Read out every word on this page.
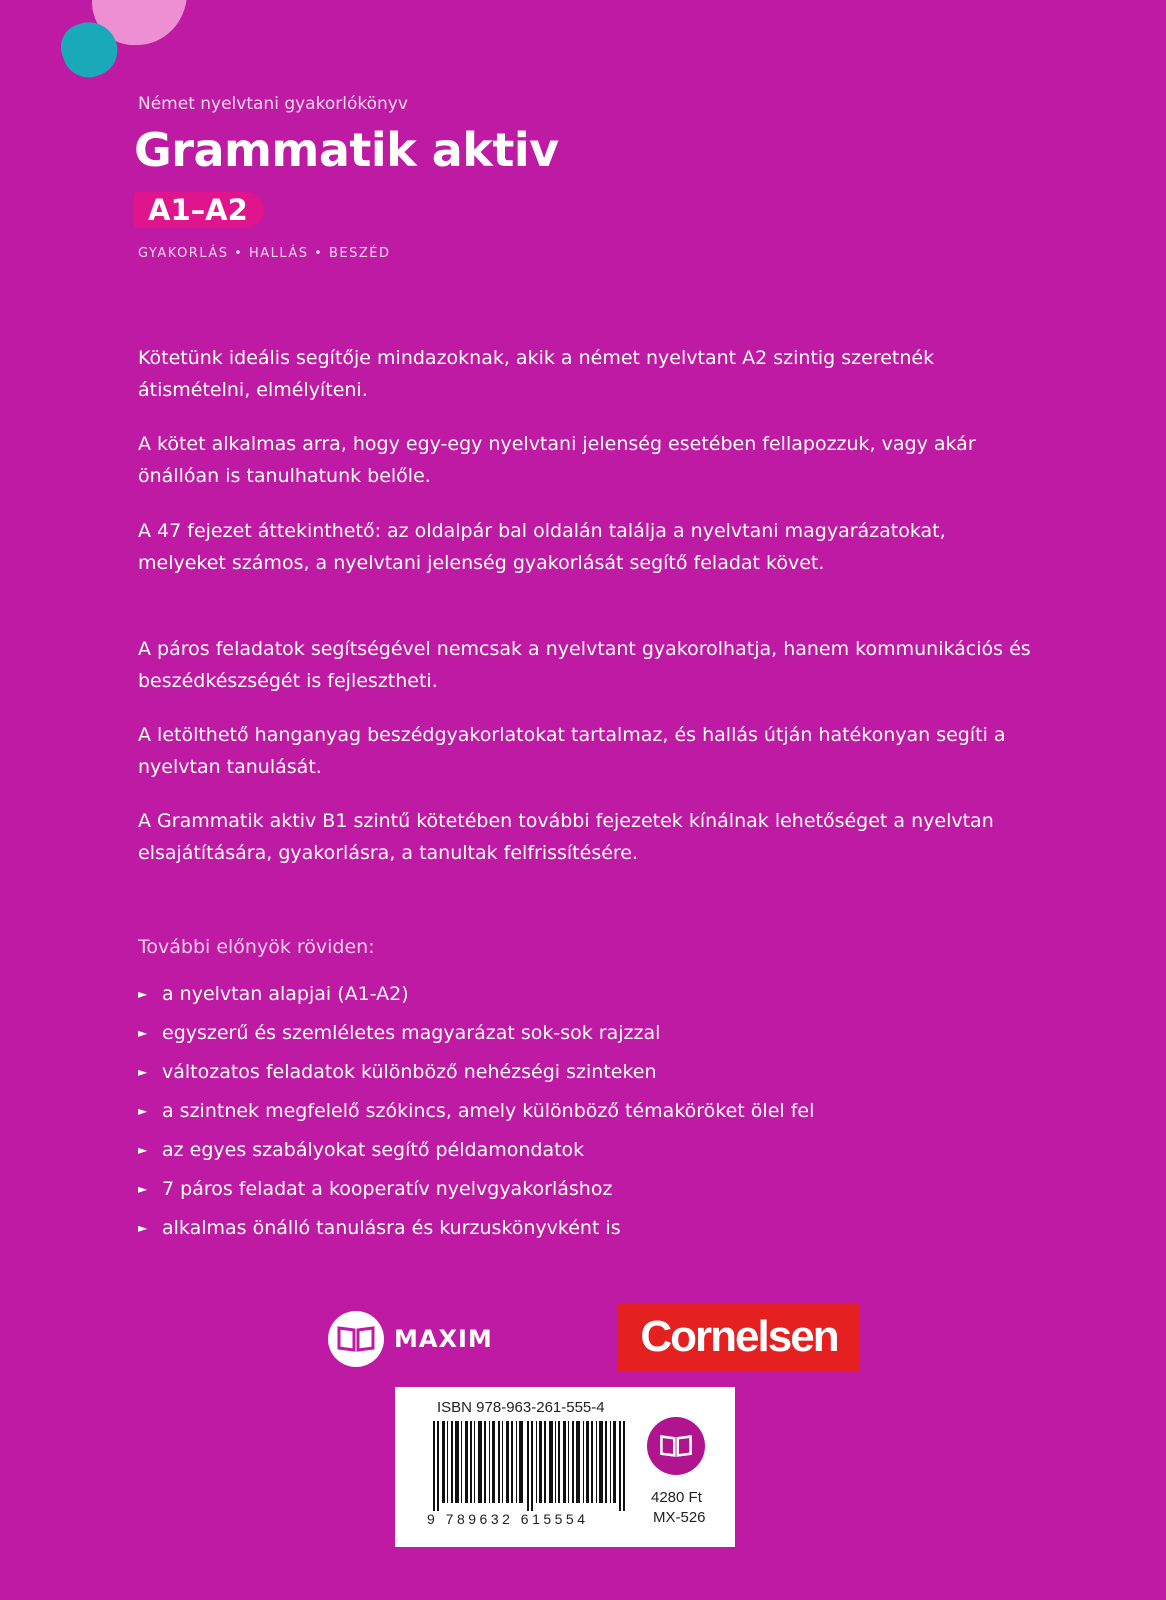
Német nyelvtani gyakorlókönyv
Grammatik aktiv
A1–A2
GYAKORLÁS • HALLÁS • BESZÉD

Kötetünk ideális segítője mindazoknak, akik a német nyelvtant A2 szintig szeretnék átismételni, elmélyíteni.

A kötet alkalmas arra, hogy egy-egy nyelvtani jelenség esetében fellapozzuk, vagy akár önállóan is tanulhatunk belőle.

A 47 fejezet áttekinthető: az oldalpár bal oldalán találja a nyelvtani magyarázatokat, melyeket számos, a nyelvtani jelenség gyakorlását segítő feladat követ.

A páros feladatok segítségével nemcsak a nyelvtant gyakorolhatja, hanem kommunikációs és beszédkészségét is fejlesztheti.

A letölthető hanganyag beszédgyakorlatokat tartalmaz, és hallás útján hatékonyan segíti a nyelvtan tanulását.

A Grammatik aktiv B1 szintű kötetében további fejezetek kínálnak lehetőséget a nyelvtan elsajátítására, gyakorlásra, a tanultak felfrissítésére.

További előnyök röviden:
► a nyelvtan alapjai (A1-A2)
► egyszerű és szemléletes magyarázat sok-sok rajzzal
► változatos feladatok különböző nehézségi szinteken
► a szintnek megfelelő szókincs, amely különböző témaköröket ölel fel
► az egyes szabályokat segítő példamondatok
► 7 páros feladat a kooperatív nyelvgyakorláshoz
► alkalmas önálló tanulásra és kurzuskönyvként is
MAXIM	Cornelsen
ISBN 978-963-261-555-4
9 789632 615554
4280 Ft
MX-526
